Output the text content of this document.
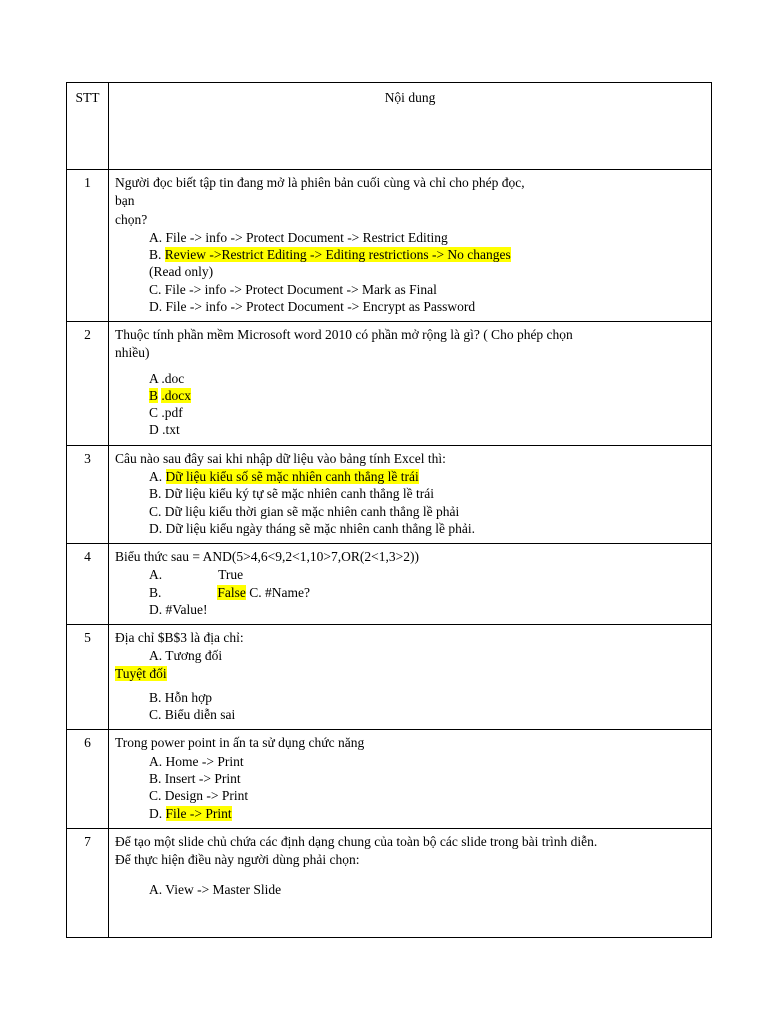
STT	Nội dung
1	Người đọc biết tập tin đang mở là phiên bản cuối cùng và chỉ cho phép đọc,

bạn

chọn?

A. File -> info -> Protect Document -> Restrict Editing

B. Review ->Restrict Editing -> Editing restrictions -> No changes

(Read only)

C. File -> info -> Protect Document -> Mark as Final

D. File -> info -> Protect Document -> Encrypt as Password

2	Thuộc tính phần mềm Microsoft word 2010 có phần mở rộng là gì? ( Cho phép chọn

nhiều)

A .doc

B .docx

C .pdf

D .txt

3	Câu nào sau đây sai khi nhập dữ liệu vào bảng tính Excel thì:

A. Dữ liệu kiểu số sẽ mặc nhiên canh thẳng lề trái

B. Dữ liệu kiểu ký tự sẽ mặc nhiên canh thẳng lề trái

C. Dữ liệu kiểu thời gian sẽ mặc nhiên canh thẳng lề phải

D. Dữ liệu kiểu ngày tháng sẽ mặc nhiên canh thẳng lề phải.

4	Biểu thức sau = AND(5>4,6<9,2<1,10>7,OR(2<1,3>2))

A. True

B. False C. #Name?

D. #Value!

5	Địa chỉ $B$3 là địa chỉ:

A. Tương đối

Tuyệt đối

B. Hỗn hợp

C. Biểu diễn sai

6	Trong power point in ấn ta sử dụng chức năng

A. Home -> Print

B. Insert -> Print

C. Design -> Print

D. File -> Print

7	Để tạo một slide chủ chứa các định dạng chung của toàn bộ các slide trong bài trình diễn.

Để thực hiện điều này người dùng phải chọn:

A. View -> Master Slide
